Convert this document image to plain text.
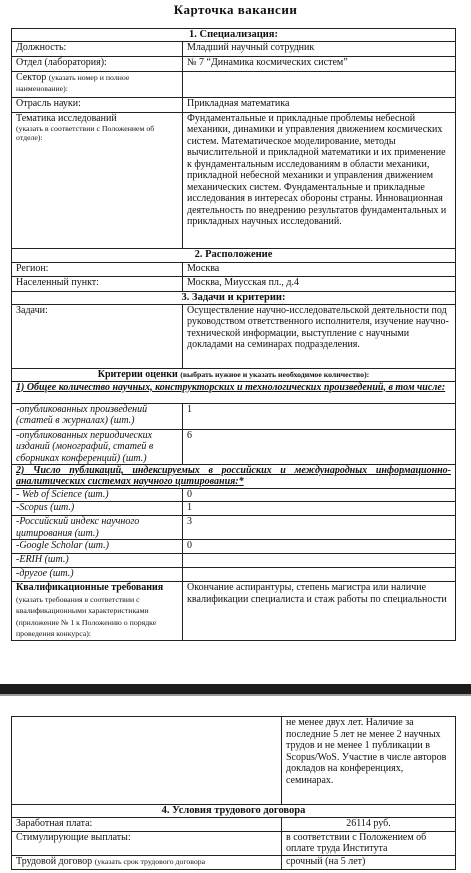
Карточка вакансии
1. Специализация:	
Должность:	Младший научный сотрудник
Отдел (лаборатория):	№ 7 “Динамика космических систем”
Сектор (указать номер и полное наименование):	
Отрасль науки:	Прикладная математика

Тематика исследований
(указать в соответствии с Положением об отделе):	Фундаментальные и прикладные проблемы небесной механики, динамики и управления движением космических систем. Математическое моделирование, методы вычислительной и прикладной математики и их применение к фундаментальным исследованиям в области механики, прикладной небесной механики и управления движением механических систем. Фундаментальные и прикладные исследования в интересах обороны страны. Инновационная деятельность по внедрению результатов фундаментальных и прикладных научных исследований.
2. Расположение	
Регион:	Москва
Населенный пункт:	Москва, Миусская пл., д.4
3. Задачи и критерии:	
Задачи:	Осуществление научно-исследовательской деятельности под руководством ответственного исполнителя, изучение научно-технической информации, выступление с научными докладами на семинарах подразделения.
Критерии оценки (выбрать нужное и указать необходимое количество):	
1) Общее количество научных, конструкторских и технологических произведений, в том числе:	
-опубликованных произведений (статей в журналах) (шт.)	1
-опубликованных периодических изданий (монографий, статей в сборниках конференций) (шт.)	6
2) Число публикаций, индексируемых в российских и международных информационно-аналитических системах научного цитирования:*	
- Web of Science (шт.)	0
-Scopus (шт.)	1
-Российский индекс научного цитирования (шт.)	3
-Google Scholar (шт.)	0
-ERIH (шт.)	
-другое (шт.)	
Квалификационные требования (указать требования в соответствии с квалификационными характеристиками (приложение № 1 к Положению о порядке проведения конкурса):	Окончание аспирантуры, степень магистра или наличие квалификации специалиста и стаж работы по специальности
	не менее двух лет. Наличие за последние 5 лет не менее 2 научных трудов и не менее 1 публикации в Scopus/WoS. Участие в числе авторов докладов на конференциях, семинарах.
4. Условия трудового договора	
Заработная плата:	26114 руб.
Стимулирующие выплаты:	в соответствии с Положением об оплате труда Института
Трудовой договор (указать срок трудового договора	срочный (на 5 лет)
